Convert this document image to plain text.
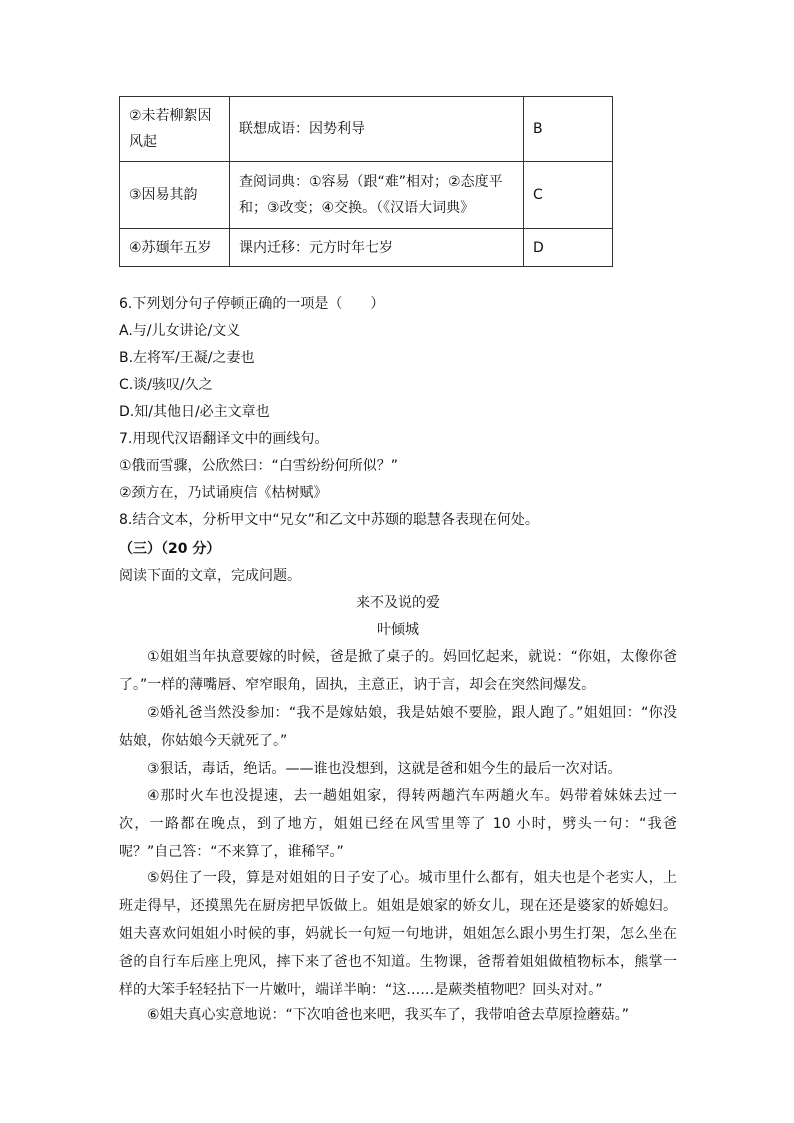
②未若柳絮因风起	联想成语：因势利导	B
③因易其韵	查阅词典：①容易（跟“难”相对；②态度平和；③改变；④交换。（《汉语大词典》	C
④苏颋年五岁	课内迁移：元方时年七岁	D
6.下列划分句子停顿正确的一项是（　　）
A.与/儿女讲论/文义
B.左将军/王凝/之妻也
C.谈/骇叹/久之
D.知/其他日/必主文章也
7.用现代汉语翻译文中的画线句。
①俄而雪骤，公欣然曰：“白雪纷纷何所似？”
②颈方在，乃试诵庾信《枯树赋》
8.结合文本，分析甲文中“兄女”和乙文中苏颋的聪慧各表现在何处。
（三）（20 分）
阅读下面的文章，完成问题。
来不及说的爱
叶倾城
①姐姐当年执意要嫁的时候，爸是掀了桌子的。妈回忆起来，就说：“你姐，太像你爸了。”一样的薄嘴唇、窄窄眼角，固执，主意正，讷于言，却会在突然间爆发。
②婚礼爸当然没参加：“我不是嫁姑娘，我是姑娘不要脸，跟人跑了。”姐姐回：“你没姑娘，你姑娘今天就死了。”
③狠话，毒话，绝话。——谁也没想到，这就是爸和姐今生的最后一次对话。
④那时火车也没提速，去一趟姐姐家，得转两趟汽车两趟火车。妈带着妹妹去过一次，一路都在晚点，到了地方，姐姐已经在风雪里等了 10 小时，劈头一句：“我爸呢？”自己答：“不来算了，谁稀罕。”
⑤妈住了一段，算是对姐姐的日子安了心。城市里什么都有，姐夫也是个老实人，上班走得早，还摸黑先在厨房把早饭做上。姐姐是娘家的娇女儿，现在还是婆家的娇媳妇。姐夫喜欢问姐姐小时候的事，妈就长一句短一句地讲，姐姐怎么跟小男生打架，怎么坐在爸的自行车后座上兜风，摔下来了爸也不知道。生物课，爸帮着姐姐做植物标本，熊掌一样的大笨手轻轻拈下一片嫩叶，端详半晌：“这……是蕨类植物吧？回头对对。”
⑥姐夫真心实意地说：“下次咱爸也来吧，我买车了，我带咱爸去草原捡蘑菇。”
